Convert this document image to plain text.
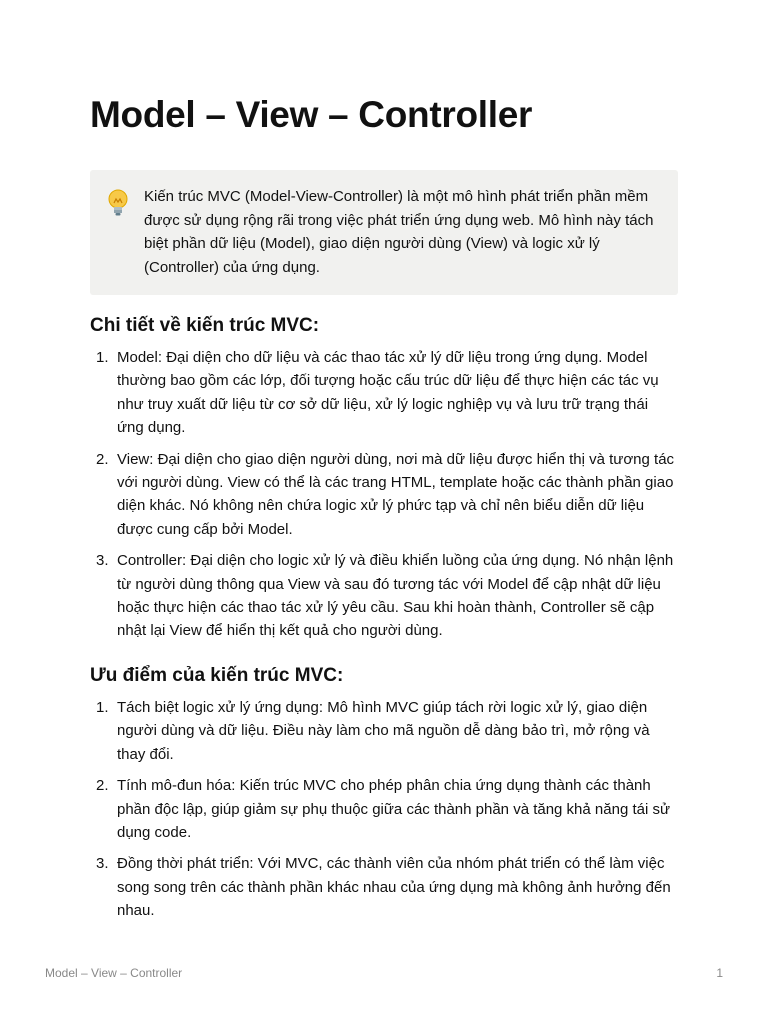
Model – View – Controller

Kiến trúc MVC (Model-View-Controller) là một mô hình phát triển phần mềm được sử dụng rộng rãi trong việc phát triển ứng dụng web. Mô hình này tách biệt phần dữ liệu (Model), giao diện người dùng (View) và logic xử lý (Controller) của ứng dụng.

Chi tiết về kiến trúc MVC:
1. Model: Đại diện cho dữ liệu và các thao tác xử lý dữ liệu trong ứng dụng. Model thường bao gồm các lớp, đối tượng hoặc cấu trúc dữ liệu để thực hiện các tác vụ như truy xuất dữ liệu từ cơ sở dữ liệu, xử lý logic nghiệp vụ và lưu trữ trạng thái ứng dụng.
2. View: Đại diện cho giao diện người dùng, nơi mà dữ liệu được hiển thị và tương tác với người dùng. View có thể là các trang HTML, template hoặc các thành phần giao diện khác. Nó không nên chứa logic xử lý phức tạp và chỉ nên biểu diễn dữ liệu được cung cấp bởi Model.
3. Controller: Đại diện cho logic xử lý và điều khiển luồng của ứng dụng. Nó nhận lệnh từ người dùng thông qua View và sau đó tương tác với Model để cập nhật dữ liệu hoặc thực hiện các thao tác xử lý yêu cầu. Sau khi hoàn thành, Controller sẽ cập nhật lại View để hiển thị kết quả cho người dùng.
Ưu điểm của kiến trúc MVC:
1. Tách biệt logic xử lý ứng dụng: Mô hình MVC giúp tách rời logic xử lý, giao diện người dùng và dữ liệu. Điều này làm cho mã nguồn dễ dàng bảo trì, mở rộng và thay đổi.
2. Tính mô-đun hóa: Kiến trúc MVC cho phép phân chia ứng dụng thành các thành phần độc lập, giúp giảm sự phụ thuộc giữa các thành phần và tăng khả năng tái sử dụng code.
3. Đồng thời phát triển: Với MVC, các thành viên của nhóm phát triển có thể làm việc song song trên các thành phần khác nhau của ứng dụng mà không ảnh hưởng đến nhau.
Model – View – Controller	1
